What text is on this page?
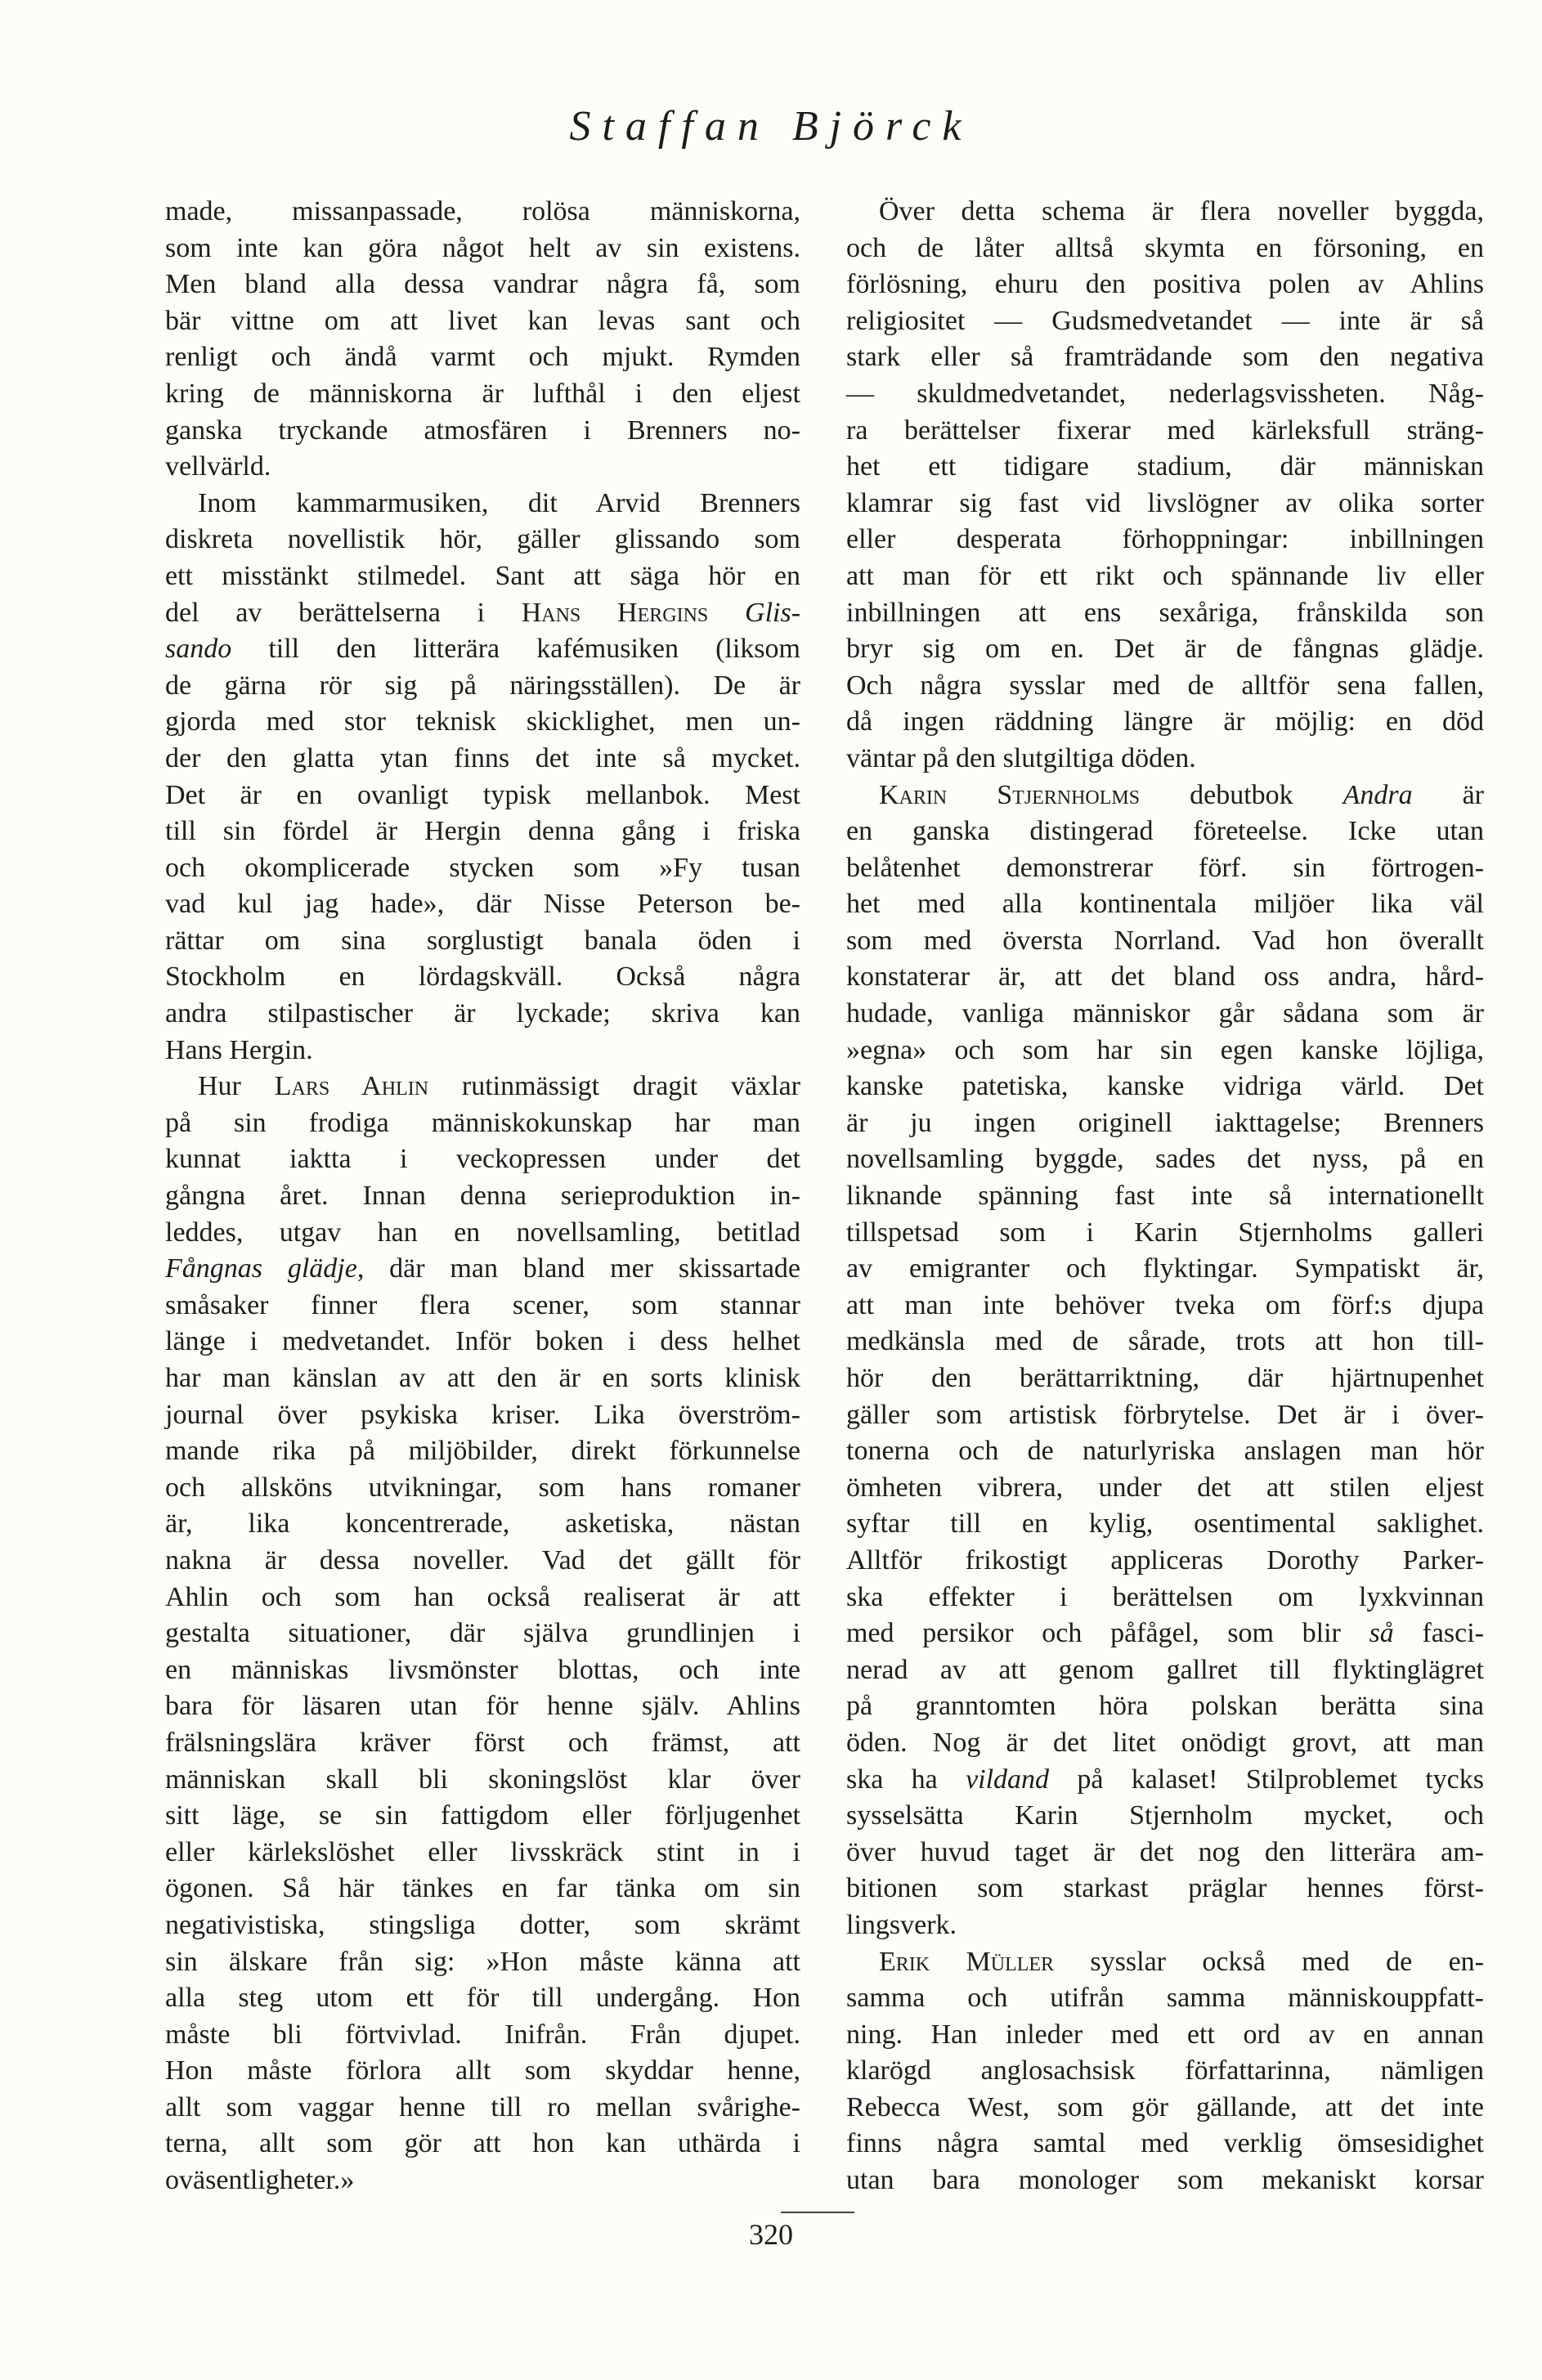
Staffan Björck
made, missanpassade, rolösa människorna,
som inte kan göra något helt av sin existens.
Men bland alla dessa vandrar några få, som
bär vittne om att livet kan levas sant och
renligt och ändå varmt och mjukt. Rymden
kring de människorna är lufthål i den eljest
ganska tryckande atmosfären i Brenners no-
vellvärld.
Inom kammarmusiken, dit Arvid Brenners
diskreta novellistik hör, gäller glissando som
ett misstänkt stilmedel. Sant att säga hör en
del av berättelserna i Hans Hergins Glis-
sando till den litterära kafémusiken (liksom
de gärna rör sig på näringsställen). De är
gjorda med stor teknisk skicklighet, men un-
der den glatta ytan finns det inte så mycket.
Det är en ovanligt typisk mellanbok. Mest
till sin fördel är Hergin denna gång i friska
och okomplicerade stycken som »Fy tusan
vad kul jag hade», där Nisse Peterson be-
rättar om sina sorglustigt banala öden i
Stockholm en lördagskväll. Också några
andra stilpastischer är lyckade; skriva kan
Hans Hergin.
Hur Lars Ahlin rutinmässigt dragit växlar
på sin frodiga människokunskap har man
kunnat iaktta i veckopressen under det
gångna året. Innan denna serieproduktion in-
leddes, utgav han en novellsamling, betitlad
Fångnas glädje, där man bland mer skissartade
småsaker finner flera scener, som stannar
länge i medvetandet. Inför boken i dess helhet
har man känslan av att den är en sorts klinisk
journal över psykiska kriser. Lika överström-
mande rika på miljöbilder, direkt förkunnelse
och allsköns utvikningar, som hans romaner
är, lika koncentrerade, asketiska, nästan
nakna är dessa noveller. Vad det gällt för
Ahlin och som han också realiserat är att
gestalta situationer, där själva grundlinjen i
en människas livsmönster blottas, och inte
bara för läsaren utan för henne själv. Ahlins
frälsningslära kräver först och främst, att
människan skall bli skoningslöst klar över
sitt läge, se sin fattigdom eller förljugenhet
eller kärlekslöshet eller livsskräck stint in i
ögonen. Så här tänkes en far tänka om sin
negativistiska, stingsliga dotter, som skrämt
sin älskare från sig: »Hon måste känna att
alla steg utom ett för till undergång. Hon
måste bli förtvivlad. Inifrån. Från djupet.
Hon måste förlora allt som skyddar henne,
allt som vaggar henne till ro mellan svårighe-
terna, allt som gör att hon kan uthärda i
oväsentligheter.»
Över detta schema är flera noveller byggda,
och de låter alltså skymta en försoning, en
förlösning, ehuru den positiva polen av Ahlins
religiositet — Gudsmedvetandet — inte är så
stark eller så framträdande som den negativa
— skuldmedvetandet, nederlagsvissheten. Någ-
ra berättelser fixerar med kärleksfull sträng-
het ett tidigare stadium, där människan
klamrar sig fast vid livslögner av olika sorter
eller desperata förhoppningar: inbillningen
att man för ett rikt och spännande liv eller
inbillningen att ens sexåriga, frånskilda son
bryr sig om en. Det är de fångnas glädje.
Och några sysslar med de alltför sena fallen,
då ingen räddning längre är möjlig: en död
väntar på den slutgiltiga döden.
Karin Stjernholms debutbok Andra är
en ganska distingerad företeelse. Icke utan
belåtenhet demonstrerar förf. sin förtrogen-
het med alla kontinentala miljöer lika väl
som med översta Norrland. Vad hon överallt
konstaterar är, att det bland oss andra, hård-
hudade, vanliga människor går sådana som är
»egna» och som har sin egen kanske löjliga,
kanske patetiska, kanske vidriga värld. Det
är ju ingen originell iakttagelse; Brenners
novellsamling byggde, sades det nyss, på en
liknande spänning fast inte så internationellt
tillspetsad som i Karin Stjernholms galleri
av emigranter och flyktingar. Sympatiskt är,
att man inte behöver tveka om förf:s djupa
medkänsla med de sårade, trots att hon till-
hör den berättarriktning, där hjärtnupenhet
gäller som artistisk förbrytelse. Det är i över-
tonerna och de naturlyriska anslagen man hör
ömheten vibrera, under det att stilen eljest
syftar till en kylig, osentimental saklighet.
Alltför frikostigt appliceras Dorothy Parker-
ska effekter i berättelsen om lyxkvinnan
med persikor och påfågel, som blir så fasci-
nerad av att genom gallret till flyktinglägret
på granntomten höra polskan berätta sina
öden. Nog är det litet onödigt grovt, att man
ska ha vildand på kalaset! Stilproblemet tycks
sysselsätta Karin Stjernholm mycket, och
över huvud taget är det nog den litterära am-
bitionen som starkast präglar hennes först-
lingsverk.
Erik Müller sysslar också med de en-
samma och utifrån samma människouppfatt-
ning. Han inleder med ett ord av en annan
klarögd anglosachsisk författarinna, nämligen
Rebecca West, som gör gällande, att det inte
finns några samtal med verklig ömsesidighet
utan bara monologer som mekaniskt korsar
320
